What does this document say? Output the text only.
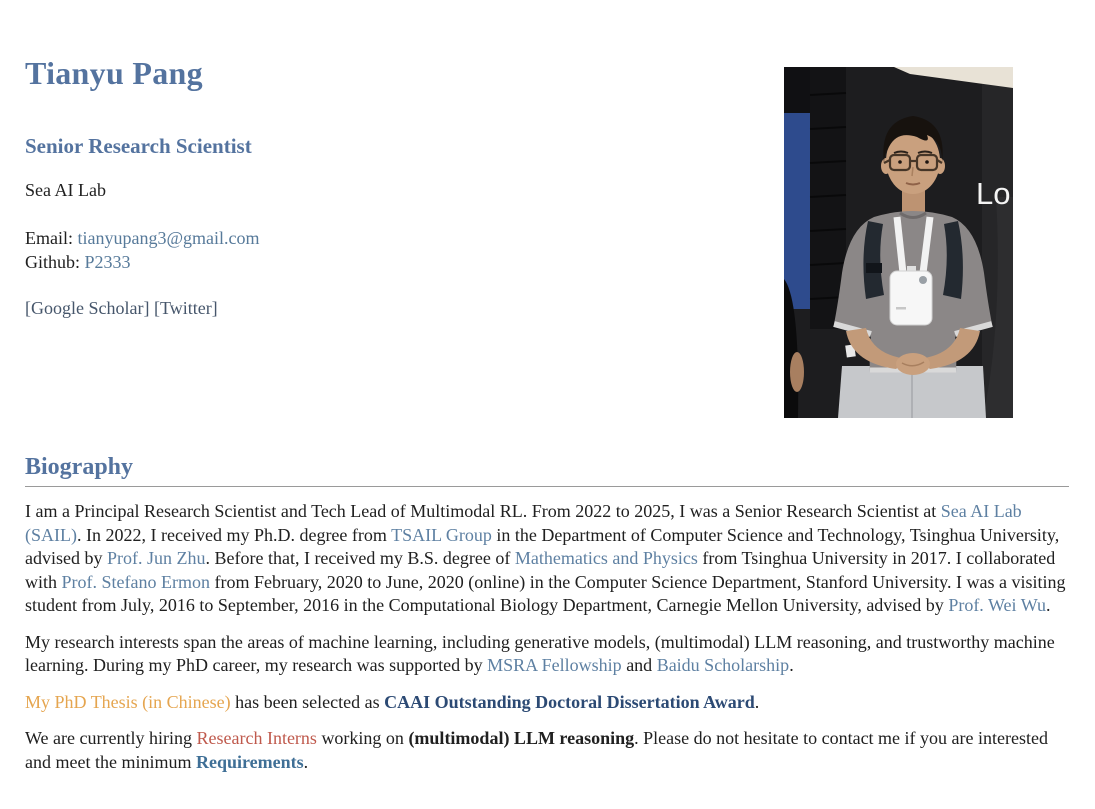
Tianyu Pang
Senior Research Scientist

Sea AI Lab

Email: tianyupang3@gmail.com
Github: P2333

[Google Scholar] [Twitter]

Lo
Biography

I am a Principal Research Scientist and Tech Lead of Multimodal RL. From 2022 to 2025, I was a Senior Research Scientist at Sea AI Lab (SAIL). In 2022, I received my Ph.D. degree from TSAIL Group in the Department of Computer Science and Technology, Tsinghua University, advised by Prof. Jun Zhu. Before that, I received my B.S. degree of Mathematics and Physics from Tsinghua University in 2017. I collaborated with Prof. Stefano Ermon from February, 2020 to June, 2020 (online) in the Computer Science Department, Stanford University. I was a visiting student from July, 2016 to September, 2016 in the Computational Biology Department, Carnegie Mellon University, advised by Prof. Wei Wu.

My research interests span the areas of machine learning, including generative models, (multimodal) LLM reasoning, and trustworthy machine learning. During my PhD career, my research was supported by MSRA Fellowship and Baidu Scholarship.

My PhD Thesis (in Chinese) has been selected as CAAI Outstanding Doctoral Dissertation Award.

We are currently hiring Research Interns working on (multimodal) LLM reasoning. Please do not hesitate to contact me if you are interested and meet the minimum Requirements.
